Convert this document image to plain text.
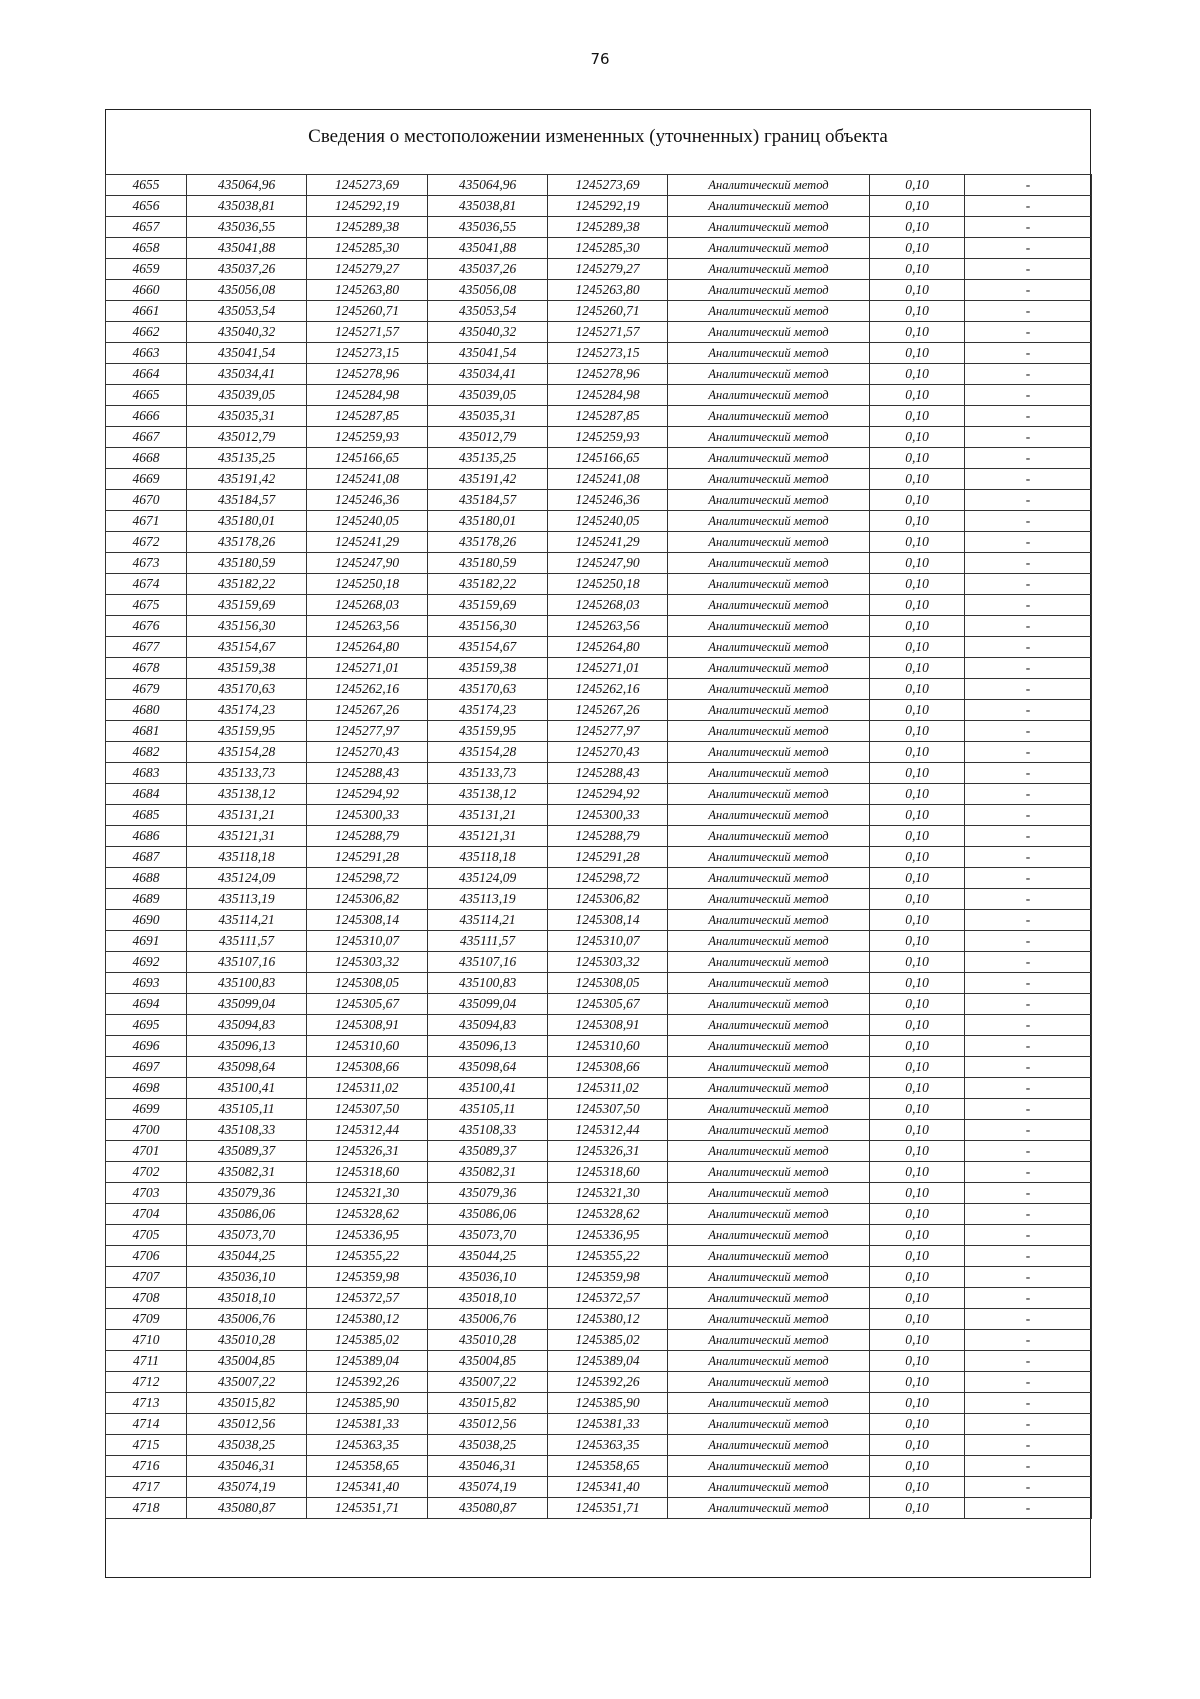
76
Сведения о местоположении измененных (уточненных) границ объекта
4655	435064,96	1245273,69	435064,96	1245273,69	Аналитический метод	0,10	-
4656	435038,81	1245292,19	435038,81	1245292,19	Аналитический метод	0,10	-
4657	435036,55	1245289,38	435036,55	1245289,38	Аналитический метод	0,10	-
4658	435041,88	1245285,30	435041,88	1245285,30	Аналитический метод	0,10	-
4659	435037,26	1245279,27	435037,26	1245279,27	Аналитический метод	0,10	-
4660	435056,08	1245263,80	435056,08	1245263,80	Аналитический метод	0,10	-
4661	435053,54	1245260,71	435053,54	1245260,71	Аналитический метод	0,10	-
4662	435040,32	1245271,57	435040,32	1245271,57	Аналитический метод	0,10	-
4663	435041,54	1245273,15	435041,54	1245273,15	Аналитический метод	0,10	-
4664	435034,41	1245278,96	435034,41	1245278,96	Аналитический метод	0,10	-
4665	435039,05	1245284,98	435039,05	1245284,98	Аналитический метод	0,10	-
4666	435035,31	1245287,85	435035,31	1245287,85	Аналитический метод	0,10	-
4667	435012,79	1245259,93	435012,79	1245259,93	Аналитический метод	0,10	-
4668	435135,25	1245166,65	435135,25	1245166,65	Аналитический метод	0,10	-
4669	435191,42	1245241,08	435191,42	1245241,08	Аналитический метод	0,10	-
4670	435184,57	1245246,36	435184,57	1245246,36	Аналитический метод	0,10	-
4671	435180,01	1245240,05	435180,01	1245240,05	Аналитический метод	0,10	-
4672	435178,26	1245241,29	435178,26	1245241,29	Аналитический метод	0,10	-
4673	435180,59	1245247,90	435180,59	1245247,90	Аналитический метод	0,10	-
4674	435182,22	1245250,18	435182,22	1245250,18	Аналитический метод	0,10	-
4675	435159,69	1245268,03	435159,69	1245268,03	Аналитический метод	0,10	-
4676	435156,30	1245263,56	435156,30	1245263,56	Аналитический метод	0,10	-
4677	435154,67	1245264,80	435154,67	1245264,80	Аналитический метод	0,10	-
4678	435159,38	1245271,01	435159,38	1245271,01	Аналитический метод	0,10	-
4679	435170,63	1245262,16	435170,63	1245262,16	Аналитический метод	0,10	-
4680	435174,23	1245267,26	435174,23	1245267,26	Аналитический метод	0,10	-
4681	435159,95	1245277,97	435159,95	1245277,97	Аналитический метод	0,10	-
4682	435154,28	1245270,43	435154,28	1245270,43	Аналитический метод	0,10	-
4683	435133,73	1245288,43	435133,73	1245288,43	Аналитический метод	0,10	-
4684	435138,12	1245294,92	435138,12	1245294,92	Аналитический метод	0,10	-
4685	435131,21	1245300,33	435131,21	1245300,33	Аналитический метод	0,10	-
4686	435121,31	1245288,79	435121,31	1245288,79	Аналитический метод	0,10	-
4687	435118,18	1245291,28	435118,18	1245291,28	Аналитический метод	0,10	-
4688	435124,09	1245298,72	435124,09	1245298,72	Аналитический метод	0,10	-
4689	435113,19	1245306,82	435113,19	1245306,82	Аналитический метод	0,10	-
4690	435114,21	1245308,14	435114,21	1245308,14	Аналитический метод	0,10	-
4691	435111,57	1245310,07	435111,57	1245310,07	Аналитический метод	0,10	-
4692	435107,16	1245303,32	435107,16	1245303,32	Аналитический метод	0,10	-
4693	435100,83	1245308,05	435100,83	1245308,05	Аналитический метод	0,10	-
4694	435099,04	1245305,67	435099,04	1245305,67	Аналитический метод	0,10	-
4695	435094,83	1245308,91	435094,83	1245308,91	Аналитический метод	0,10	-
4696	435096,13	1245310,60	435096,13	1245310,60	Аналитический метод	0,10	-
4697	435098,64	1245308,66	435098,64	1245308,66	Аналитический метод	0,10	-
4698	435100,41	1245311,02	435100,41	1245311,02	Аналитический метод	0,10	-
4699	435105,11	1245307,50	435105,11	1245307,50	Аналитический метод	0,10	-
4700	435108,33	1245312,44	435108,33	1245312,44	Аналитический метод	0,10	-
4701	435089,37	1245326,31	435089,37	1245326,31	Аналитический метод	0,10	-
4702	435082,31	1245318,60	435082,31	1245318,60	Аналитический метод	0,10	-
4703	435079,36	1245321,30	435079,36	1245321,30	Аналитический метод	0,10	-
4704	435086,06	1245328,62	435086,06	1245328,62	Аналитический метод	0,10	-
4705	435073,70	1245336,95	435073,70	1245336,95	Аналитический метод	0,10	-
4706	435044,25	1245355,22	435044,25	1245355,22	Аналитический метод	0,10	-
4707	435036,10	1245359,98	435036,10	1245359,98	Аналитический метод	0,10	-
4708	435018,10	1245372,57	435018,10	1245372,57	Аналитический метод	0,10	-
4709	435006,76	1245380,12	435006,76	1245380,12	Аналитический метод	0,10	-
4710	435010,28	1245385,02	435010,28	1245385,02	Аналитический метод	0,10	-
4711	435004,85	1245389,04	435004,85	1245389,04	Аналитический метод	0,10	-
4712	435007,22	1245392,26	435007,22	1245392,26	Аналитический метод	0,10	-
4713	435015,82	1245385,90	435015,82	1245385,90	Аналитический метод	0,10	-
4714	435012,56	1245381,33	435012,56	1245381,33	Аналитический метод	0,10	-
4715	435038,25	1245363,35	435038,25	1245363,35	Аналитический метод	0,10	-
4716	435046,31	1245358,65	435046,31	1245358,65	Аналитический метод	0,10	-
4717	435074,19	1245341,40	435074,19	1245341,40	Аналитический метод	0,10	-
4718	435080,87	1245351,71	435080,87	1245351,71	Аналитический метод	0,10	-
